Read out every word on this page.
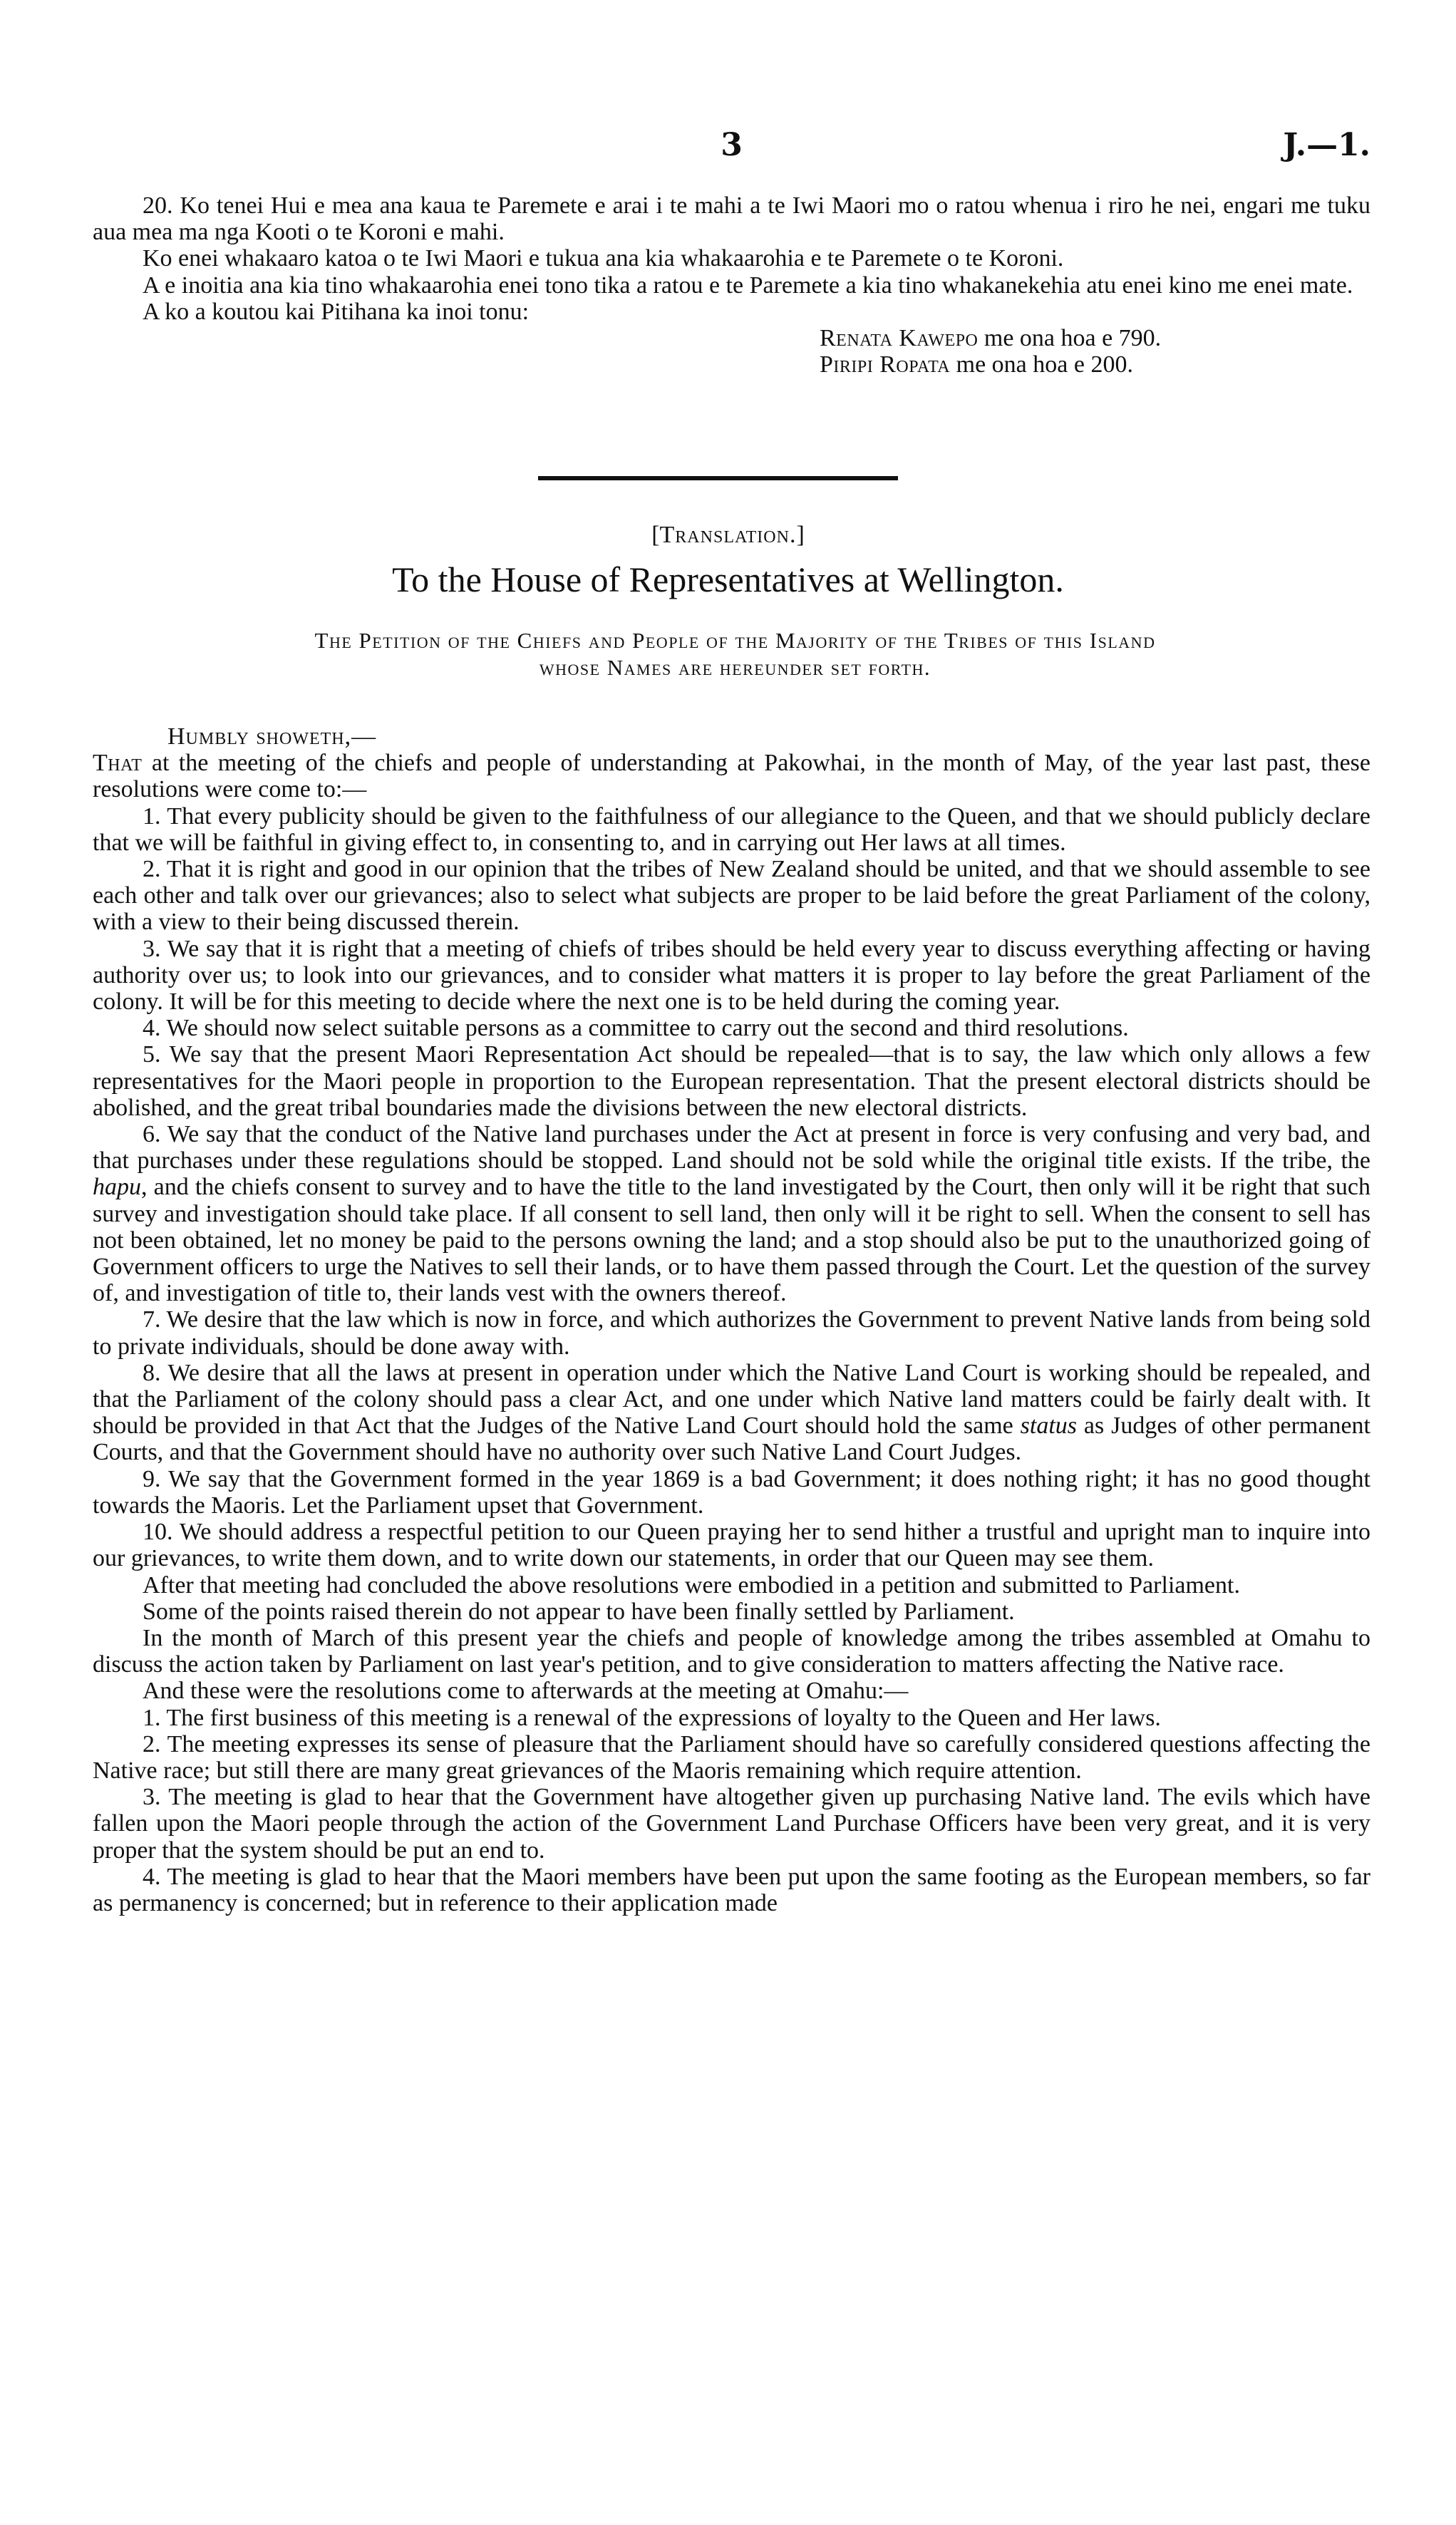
3	J.—1.

20. Ko tenei Hui e mea ana kaua te Paremete e arai i te mahi a te Iwi Maori mo o ratou whenua i riro he nei, engari me tuku aua mea ma nga Kooti o te Koroni e mahi.

Ko enei whakaaro katoa o te Iwi Maori e tukua ana kia whakaarohia e te Paremete o te Koroni.

A e inoitia ana kia tino whakaarohia enei tono tika a ratou e te Paremete a kia tino whakanekehia atu enei kino me enei mate.

A ko a koutou kai Pitihana ka inoi tonu:

Renata Kawepo me ona hoa e 790.

Piripi Ropata me ona hoa e 200.

[Translation.]
To the House of Representatives at Wellington.
The Petition of the Chiefs and People of the Majority of the Tribes of this Island
whose Names are hereunder set forth.

Humbly showeth,—

That at the meeting of the chiefs and people of understanding at Pakowhai, in the month of May, of the year last past, these resolutions were come to:—

1. That every publicity should be given to the faithfulness of our allegiance to the Queen, and that we should publicly declare that we will be faithful in giving effect to, in consenting to, and in carrying out Her laws at all times.

2. That it is right and good in our opinion that the tribes of New Zealand should be united, and that we should assemble to see each other and talk over our grievances; also to select what subjects are proper to be laid before the great Parliament of the colony, with a view to their being discussed therein.

3. We say that it is right that a meeting of chiefs of tribes should be held every year to discuss everything affecting or having authority over us; to look into our grievances, and to consider what matters it is proper to lay before the great Parliament of the colony. It will be for this meeting to decide where the next one is to be held during the coming year.

4. We should now select suitable persons as a committee to carry out the second and third resolutions.

5. We say that the present Maori Representation Act should be repealed—that is to say, the law which only allows a few representatives for the Maori people in proportion to the European representation. That the present electoral districts should be abolished, and the great tribal boundaries made the divisions between the new electoral districts.

6. We say that the conduct of the Native land purchases under the Act at present in force is very confusing and very bad, and that purchases under these regulations should be stopped. Land should not be sold while the original title exists. If the tribe, the hapu, and the chiefs consent to survey and to have the title to the land investigated by the Court, then only will it be right that such survey and investigation should take place. If all consent to sell land, then only will it be right to sell. When the consent to sell has not been obtained, let no money be paid to the persons owning the land; and a stop should also be put to the unauthorized going of Government officers to urge the Natives to sell their lands, or to have them passed through the Court. Let the question of the survey of, and investigation of title to, their lands vest with the owners thereof.

7. We desire that the law which is now in force, and which authorizes the Government to prevent Native lands from being sold to private individuals, should be done away with.

8. We desire that all the laws at present in operation under which the Native Land Court is working should be repealed, and that the Parliament of the colony should pass a clear Act, and one under which Native land matters could be fairly dealt with. It should be provided in that Act that the Judges of the Native Land Court should hold the same status as Judges of other permanent Courts, and that the Government should have no authority over such Native Land Court Judges.

9. We say that the Government formed in the year 1869 is a bad Government; it does nothing right; it has no good thought towards the Maoris. Let the Parliament upset that Government.

10. We should address a respectful petition to our Queen praying her to send hither a trustful and upright man to inquire into our grievances, to write them down, and to write down our statements, in order that our Queen may see them.

After that meeting had concluded the above resolutions were embodied in a petition and submitted to Parliament.

Some of the points raised therein do not appear to have been finally settled by Parliament.

In the month of March of this present year the chiefs and people of knowledge among the tribes assembled at Omahu to discuss the action taken by Parliament on last year's petition, and to give consideration to matters affecting the Native race.

And these were the resolutions come to afterwards at the meeting at Omahu:—

1. The first business of this meeting is a renewal of the expressions of loyalty to the Queen and Her laws.

2. The meeting expresses its sense of pleasure that the Parliament should have so carefully considered questions affecting the Native race; but still there are many great grievances of the Maoris remaining which require attention.

3. The meeting is glad to hear that the Government have altogether given up purchasing Native land. The evils which have fallen upon the Maori people through the action of the Government Land Purchase Officers have been very great, and it is very proper that the system should be put an end to.

4. The meeting is glad to hear that the Maori members have been put upon the same footing as the European members, so far as permanency is concerned; but in reference to their application made
